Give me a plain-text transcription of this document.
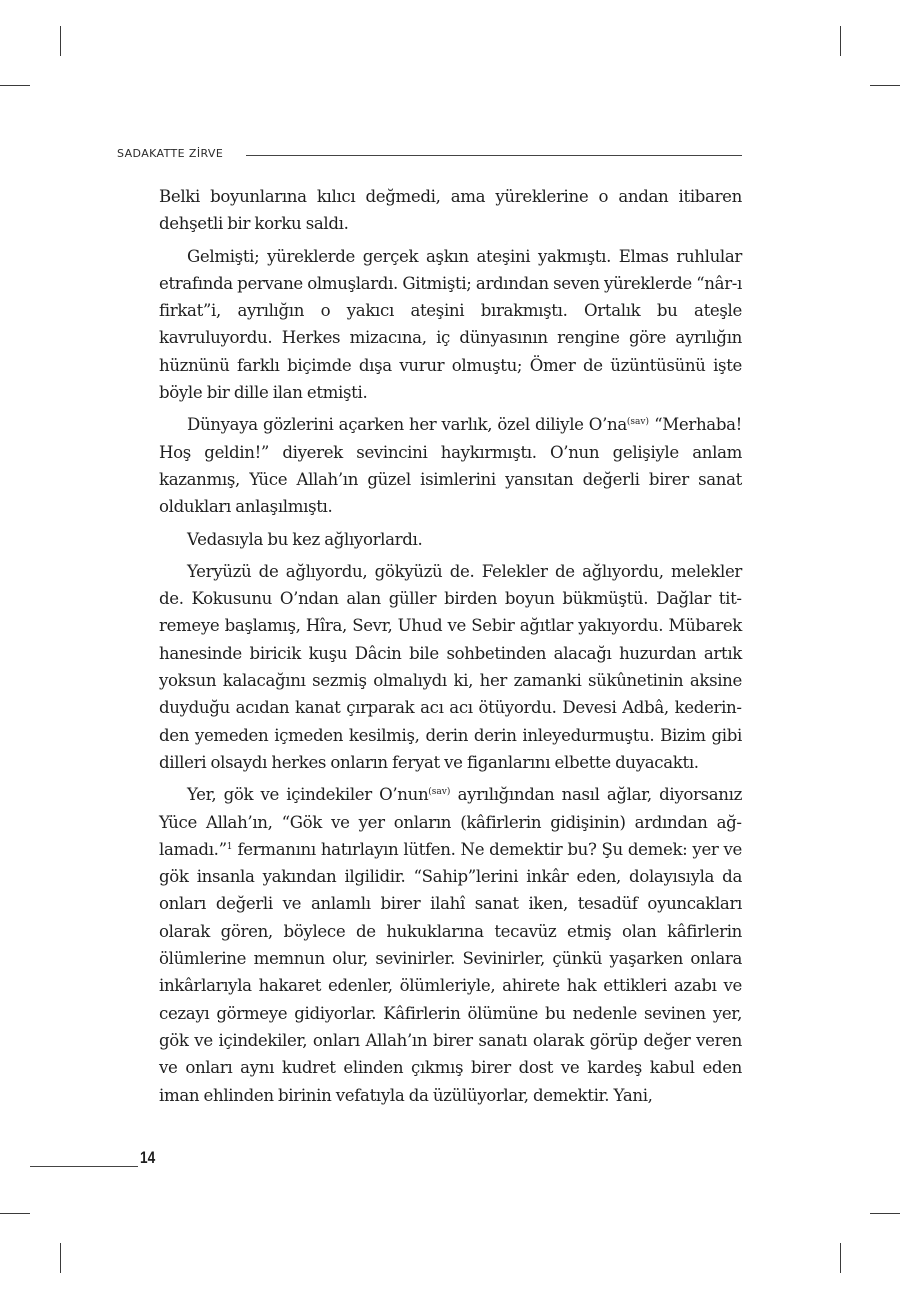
SADAKATTE ZİRVE

Belki boyunlarına kılıcı değmedi, ama yüreklerine o andan itibaren dehşetli bir korku saldı.

Gelmişti; yüreklerde gerçek aşkın ateşini yakmıştı. Elmas ruhlular etrafında pervane olmuşlardı. Gitmişti; ardından seven yüreklerde “nâr-ı firkat”i, ayrılığın o yakıcı ateşini bırakmıştı. Ortalık bu ateşle kavruluyordu. Herkes mizacına, iç dünyasının rengine göre ayrılığın hüznünü farklı biçimde dışa vurur olmuştu; Ömer de üzüntüsünü işte böyle bir dille ilan etmişti.

Dünyaya gözlerini açarken her varlık, özel diliyle $O’na^{(sav)}$ “Merhaba! Hoş geldin!” diyerek sevincini haykırmıştı. O’nun gelişiyle anlam kazanmış, Yüce Allah’ın güzel isimlerini yansıtan değerli birer sanat oldukları anlaşılmıştı.

Vedasıyla bu kez ağlıyorlardı.

Yeryüzü de ağlıyordu, gökyüzü de. Felekler de ağlıyordu, melekler de. Kokusunu O’ndan alan güller birden boyun bükmüştü. Dağlar titremeye başlamış, Hîra, Sevr, Uhud ve Sebir ağıtlar yakıyordu. Mübarek hanesinde biricik kuşu Dâcin bile sohbetinden alacağı huzurdan artık yoksun kalacağını sezmiş olmalıydı ki, her zamanki sükûnetinin aksine duyduğu acıdan kanat çırparak acı acı ötüyordu. Devesi Adbâ, kederinden yemeden içmeden kesilmiş, derin derin inleyedurmuştu. Bizim gibi dilleri olsaydı herkes onların feryat ve figanlarını elbette duyacaktı.

Yer, gök ve içindekiler O’nun$^{(sav)}$ ayrılığından nasıl ağlar, diyorsanız Yüce Allah’ın, “Gök ve yer onların (kâfirlerin gidişinin) ardından ağlamadı.”$^1$ fermanını hatırlayın lütfen. Ne demektir bu? Şu demek: yer ve gök insanla yakından ilgilidir. “Sahip”lerini inkâr eden, dolayısıyla da onları değerli ve anlamlı birer ilahî sanat iken, tesadüf oyuncakları olarak gören, böylece de hukuklarına tecavüz etmiş olan kâfirlerin ölümlerine memnun olur, sevinirler. Sevinirler, çünkü yaşarken onlara inkârlarıyla hakaret edenler, ölümleriyle, ahirete hak ettikleri azabı ve cezayı görmeye gidiyorlar. Kâfirlerin ölümüne bu nedenle sevinen yer, gök ve içindekiler, onları Allah’ın birer sanatı olarak görüp değer veren ve onları aynı kudret elinden çıkmış birer dost ve kardeş kabul eden iman ehlinden birinin vefatıyla da üzülüyorlar, demektir. Yani,

14
